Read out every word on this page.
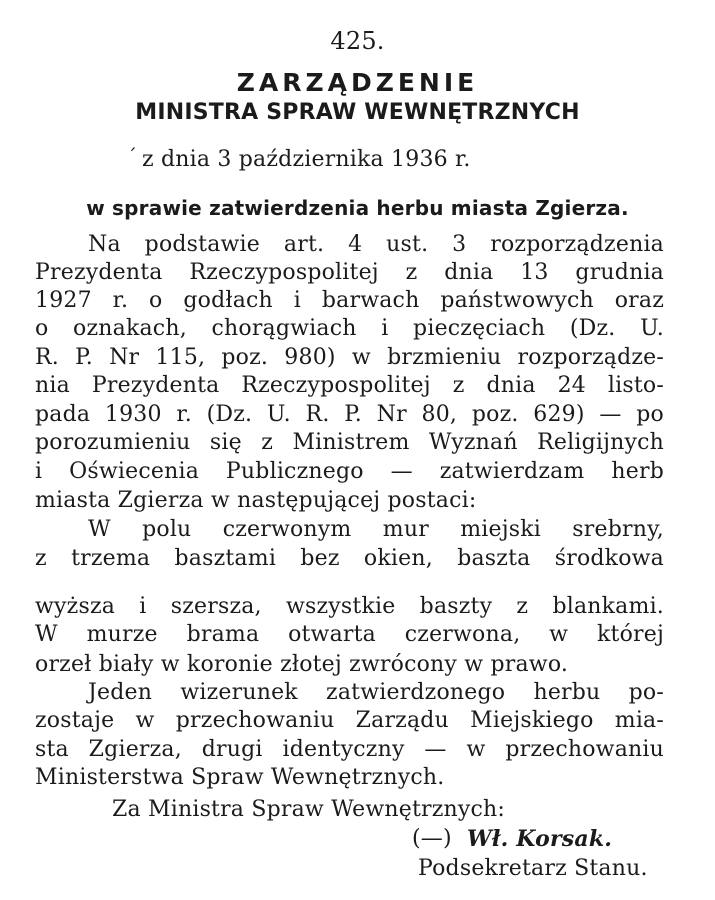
425.
ZARZĄDZENIE
MINISTRA SPRAW WEWNĘTRZNYCH
´ z dnia 3 października 1936 r.
w sprawie zatwierdzenia herbu miasta Zgierza.
Na podstawie art. 4 ust. 3 rozporządzenia
Prezydenta Rzeczypospolitej z dnia 13 grudnia
1927 r. o godłach i barwach państwowych oraz
o oznakach, chorągwiach i pieczęciach (Dz. U.
R. P. Nr 115, poz. 980) w brzmieniu rozporządze-
nia Prezydenta Rzeczypospolitej z dnia 24 listo-
pada 1930 r. (Dz. U. R. P. Nr 80, poz. 629) — po
porozumieniu się z Ministrem Wyznań Religijnych
i Oświecenia Publicznego — zatwierdzam herb
miasta Zgierza w następującej postaci:
W polu czerwonym mur miejski srebrny,
z trzema basztami bez okien, baszta środkowa
wyższa i szersza, wszystkie baszty z blankami.
W murze brama otwarta czerwona, w której
orzeł biały w koronie złotej zwrócony w prawo.
Jeden wizerunek zatwierdzonego herbu po-
zostaje w przechowaniu Zarządu Miejskiego mia-
sta Zgierza, drugi identyczny — w przechowaniu
Ministerstwa Spraw Wewnętrznych.
Za Ministra Spraw Wewnętrznych:
(—) Wł. Korsak.
Podsekretarz Stanu.
